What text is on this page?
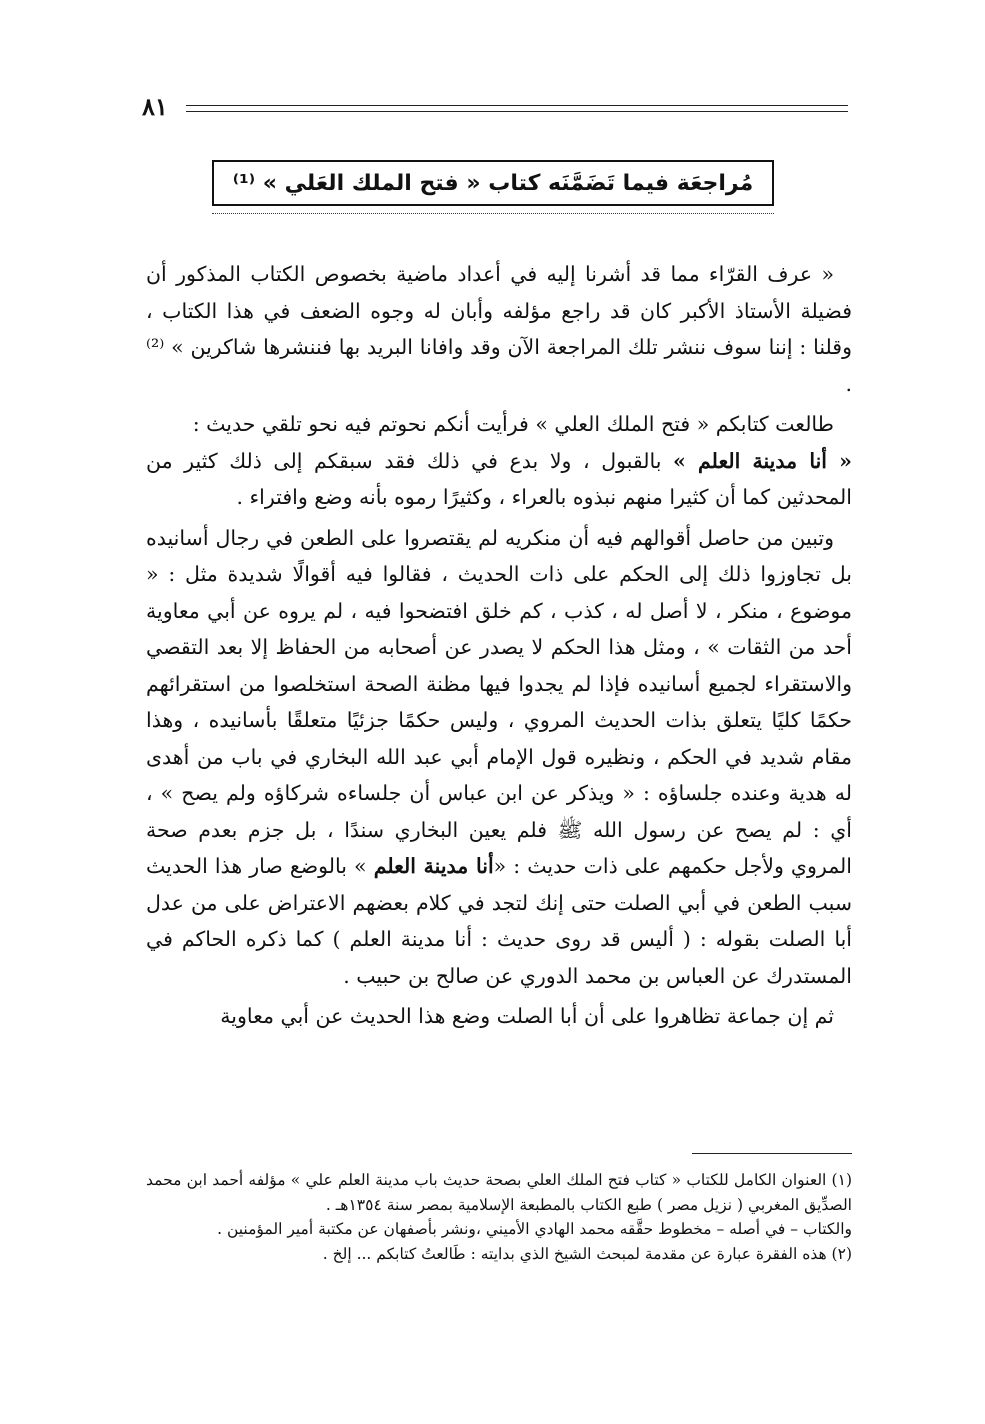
٨١
مُراجعَة فيما تَضَمَّنَه كتاب « فتح الملك العَلي » ⁽¹⁾

« عرف القرّاء مما قد أشرنا إليه في أعداد ماضية بخصوص الكتاب المذكور أن فضيلة الأستاذ الأكبر كان قد راجع مؤلفه وأبان له وجوه الضعف في هذا الكتاب ، وقلنا : إننا سوف ننشر تلك المراجعة الآن وقد وافانا البريد بها فننشرها شاكرين » ⁽²⁾ .

طالعت كتابكم « فتح الملك العلي » فرأيت أنكم نحوتم فيه نحو تلقي حديث :
« أنا مدينة العلم » بالقبول ، ولا بدع في ذلك فقد سبقكم إلى ذلك كثير من المحدثين كما أن كثيرا منهم نبذوه بالعراء ، وكثيرًا رموه بأنه وضع وافتراء .

وتبين من حاصل أقوالهم فيه أن منكريه لم يقتصروا على الطعن في رجال أسانيده بل تجاوزوا ذلك إلى الحكم على ذات الحديث ، فقالوا فيه أقوالًا شديدة مثل : « موضوع ، منكر ، لا أصل له ، كذب ، كم خلق افتضحوا فيه ، لم يروه عن أبي معاوية أحد من الثقات » ، ومثل هذا الحكم لا يصدر عن أصحابه من الحفاظ إلا بعد التقصي والاستقراء لجميع أسانيده فإذا لم يجدوا فيها مظنة الصحة استخلصوا من استقرائهم حكمًا كليًا يتعلق بذات الحديث المروي ، وليس حكمًا جزئيًا متعلقًا بأسانيده ، وهذا مقام شديد في الحكم ، ونظيره قول الإمام أبي عبد الله البخاري في باب من أهدى له هدية وعنده جلساؤه : « ويذكر عن ابن عباس أن جلساءه شركاؤه ولم يصح » ، أي : لم يصح عن رسول الله ﷺ فلم يعين البخاري سندًا ، بل جزم بعدم صحة المروي ولأجل حكمهم على ذات حديث : «أنا مدينة العلم » بالوضع صار هذا الحديث سبب الطعن في أبي الصلت حتى إنك لتجد في كلام بعضهم الاعتراض على من عدل أبا الصلت بقوله : ( أليس قد روى حديث : أنا مدينة العلم ) كما ذكره الحاكم في المستدرك عن العباس بن محمد الدوري عن صالح بن حبيب .

ثم إن جماعة تظاهروا على أن أبا الصلت وضع هذا الحديث عن أبي معاوية

(١) العنوان الكامل للكتاب « كتاب فتح الملك العلي بصحة حديث باب مدينة العلم علي » مؤلفه أحمد ابن محمد الصدِّيق المغربي ( نزيل مصر ) طبع الكتاب بالمطبعة الإسلامية بمصر سنة ١٣٥٤هـ .

والكتاب – في أصله – مخطوط حقَّقه محمد الهادي الأميني ،ونشر بأصفهان عن مكتبة أمير المؤمنين .

(٢) هذه الفقرة عبارة عن مقدمة لمبحث الشيخ الذي بدايته : طَالعتُ كتابكم ... إلخ .
